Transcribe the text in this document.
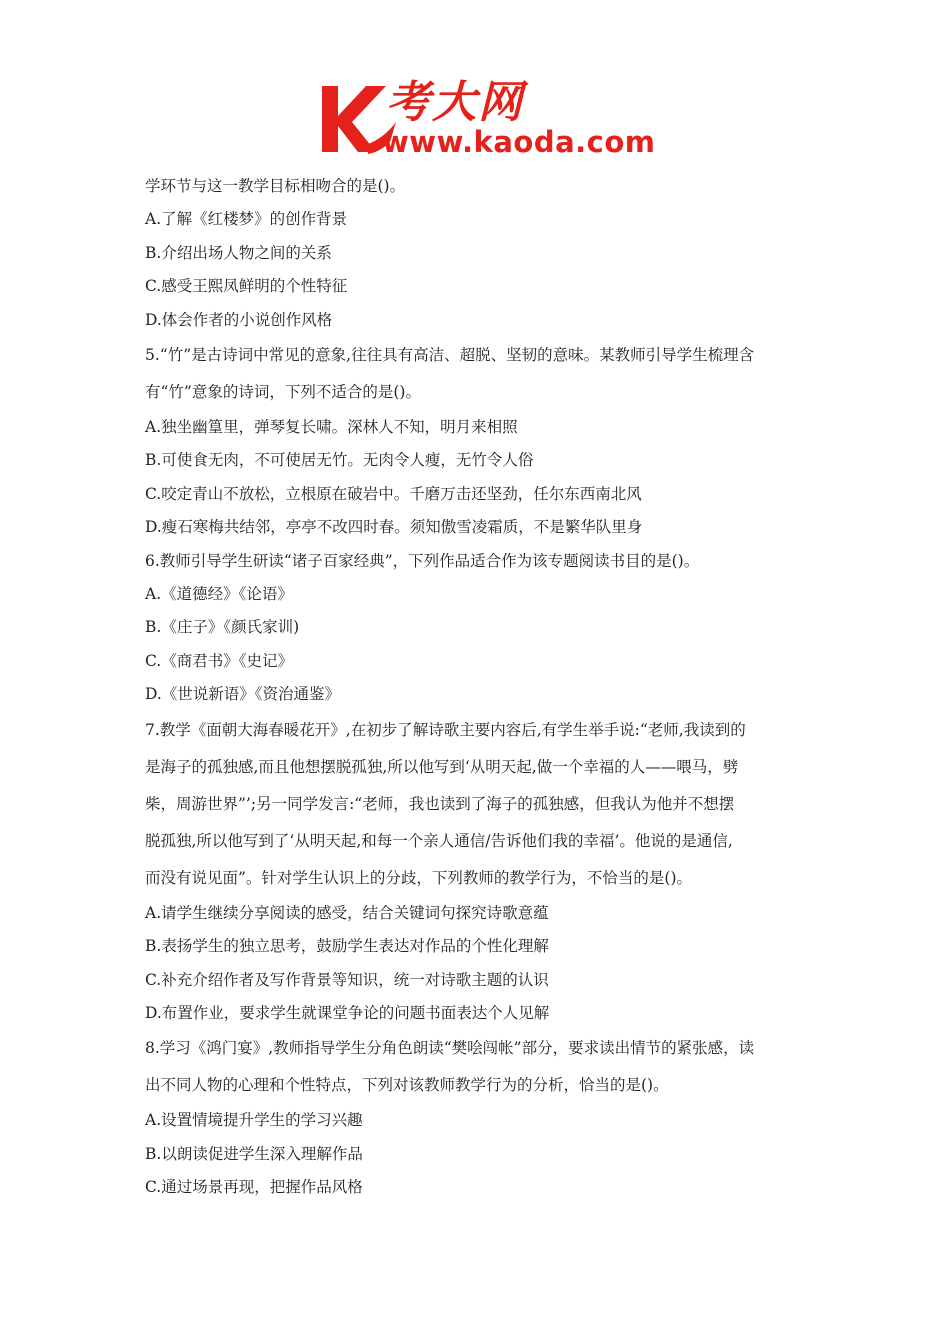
考大网
www.kaoda.com
学环节与这一教学目标相吻合的是()。
A.了解《红楼梦》的创作背景
B.介绍出场人物之间的关系
C.感受王熙凤鲜明的个性特征
D.体会作者的小说创作风格
5.“竹”是古诗词中常见的意象,往往具有高洁、超脱、坚韧的意味。某教师引导学生梳理含
有“竹”意象的诗词，下列不适合的是()。
A.独坐幽篁里，弹琴复长啸。深林人不知，明月来相照
B.可使食无肉，不可使居无竹。无肉令人瘦，无竹令人俗
C.咬定青山不放松，立根原在破岩中。千磨万击还坚劲，任尔东西南北风
D.瘦石寒梅共结邻，亭亭不改四时春。须知傲雪凌霜质，不是繁华队里身
6.教师引导学生研读“诸子百家经典”，下列作品适合作为该专题阅读书目的是()。
A.《道德经》《论语》
B.《庄子》《颜氏家训)
C.《商君书》《史记》
D.《世说新语》《资治通鉴》
7.教学《面朝大海春暖花开》,在初步了解诗歌主要内容后,有学生举手说:“老师,我读到的
是海子的孤独感,而且他想摆脱孤独,所以他写到‘从明天起,做一个幸福的人——喂马，劈
柴，周游世界”’;另一同学发言:“老师，我也读到了海子的孤独感，但我认为他并不想摆
脱孤独,所以他写到了‘从明天起,和每一个亲人通信/告诉他们我的幸福’。他说的是通信,
而没有说见面”。针对学生认识上的分歧，下列教师的教学行为，不恰当的是()。
A.请学生继续分享阅读的感受，结合关键词句探究诗歌意蕴
B.表扬学生的独立思考，鼓励学生表达对作品的个性化理解
C.补充介绍作者及写作背景等知识，统一对诗歌主题的认识
D.布置作业，要求学生就课堂争论的问题书面表达个人见解
8.学习《鸿门宴》,教师指导学生分角色朗读“樊哙闯帐”部分，要求读出情节的紧张感，读
出不同人物的心理和个性特点，下列对该教师教学行为的分析，恰当的是()。
A.设置情境提升学生的学习兴趣
B.以朗读促进学生深入理解作品
C.通过场景再现，把握作品风格
